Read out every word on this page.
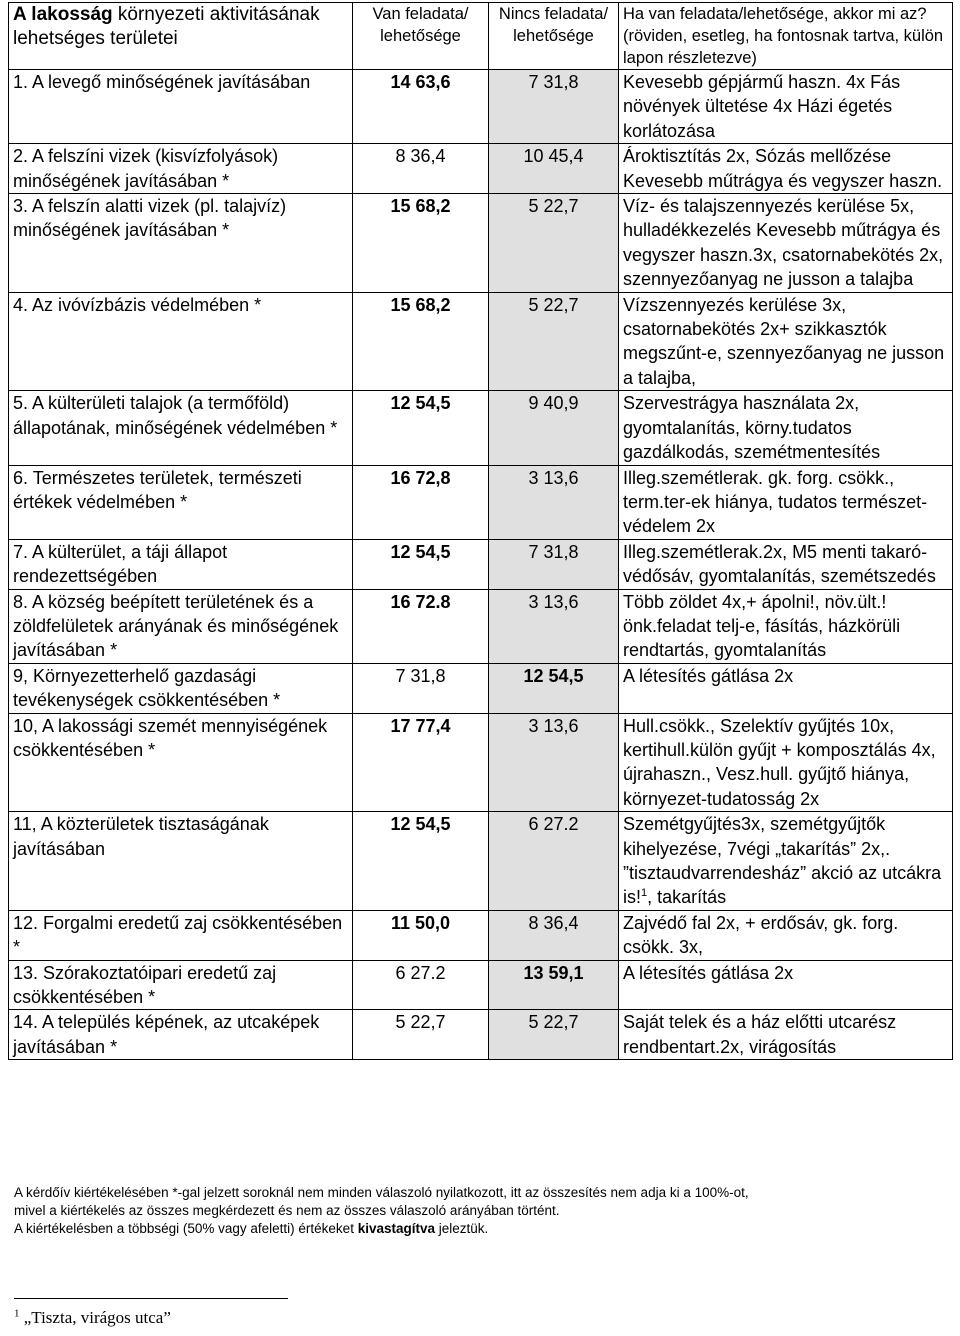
A lakosság környezeti aktivitásának lehetséges területei	Van feladata/ lehetősége	Nincs feladata/ lehetősége	Ha van feladata/lehetősége, akkor mi az? (röviden, esetleg, ha fontosnak tartva, külön lapon részletezve)
1. A levegő minőségének javításában	14 63,6	7 31,8	Kevesebb gépjármű haszn. 4x Fás növények ültetése 4x Házi égetés korlátozása
2. A felszíni vizek (kisvízfolyások) minőségének javításában *	8 36,4	10 45,4	Ároktisztítás 2x, Sózás mellőzése Kevesebb műtrágya és vegyszer haszn.
3. A felszín alatti vizek (pl. talajvíz) minőségének javításában *	15 68,2	5 22,7	Víz- és talajszennyezés kerülése 5x, hulladékkezelés Kevesebb műtrágya és vegyszer haszn.3x, csatornabekötés 2x, szennyezőanyag ne jusson a talajba
4. Az ivóvízbázis védelmében *	15 68,2	5 22,7	Vízszennyezés kerülése 3x, csatornabekötés 2x+ szikkasztók megszűnt-e, szennyezőanyag ne jusson a talajba,
5. A külterületi talajok (a termőföld) állapotának, minőségének védelmében *	12 54,5	9 40,9	Szervestrágya használata 2x, gyomtalanítás, körny.tudatos gazdálkodás, szemétmentesítés
6. Természetes területek, természeti értékek védelmében *	16 72,8	3 13,6	Illeg.szemétlerak. gk. forg. csökk., term.ter-ek hiánya, tudatos természet-védelem 2x
7. A külterület, a táji állapot rendezettségében	12 54,5	7 31,8	Illeg.szemétlerak.2x, M5 menti takaró-védősáv, gyomtalanítás, szemétszedés
8. A község beépített területének és a zöldfelületek arányának és minőségének javításában *	16 72.8	3 13,6	Több zöldet 4x,+ ápolni!, növ.ült.! önk.feladat telj-e, fásítás, házkörüli rendtartás, gyomtalanítás
9, Környezetterhelő gazdasági tevékenységek csökkentésében *	7 31,8	12 54,5	A létesítés gátlása 2x
10, A lakossági szemét mennyiségének csökkentésében *	17 77,4	3 13,6	Hull.csökk., Szelektív gyűjtés 10x, kertihull.külön gyűjt + komposztálás 4x, újrahaszn., Vesz.hull. gyűjtő hiánya, környezet-tudatosság 2x
11, A közterületek tisztaságának javításában	12 54,5	6 27.2	Szemétgyűjtés3x, szemétgyűjtők kihelyezése, 7végi „takarítás” 2x,. ”tisztaudvarrendesház” akció az utcákra is!$^1$, takarítás
12. Forgalmi eredetű zaj csökkentésében *	11 50,0	8 36,4	Zajvédő fal 2x, + erdősáv, gk. forg. csökk. 3x,
13. Szórakoztatóipari eredetű zaj csökkentésében *	6 27.2	13 59,1	A létesítés gátlása 2x
14. A település képének, az utcaképek javításában *	5 22,7	5 22,7	Saját telek és a ház előtti utcarész rendbentart.2x, virágosítás

A kérdőív kiértékelésében *-gal jelzett soroknál nem minden válaszoló nyilatkozott, itt az összesítés nem adja ki a 100%-ot,

mivel a kiértékelés az összes megkérdezett és nem az összes válaszoló arányában történt.

A kiértékelésben a többségi (50% vagy afeletti) értékeket kivastagítva jeleztük.

$^1$ „Tiszta, virágos utca”
